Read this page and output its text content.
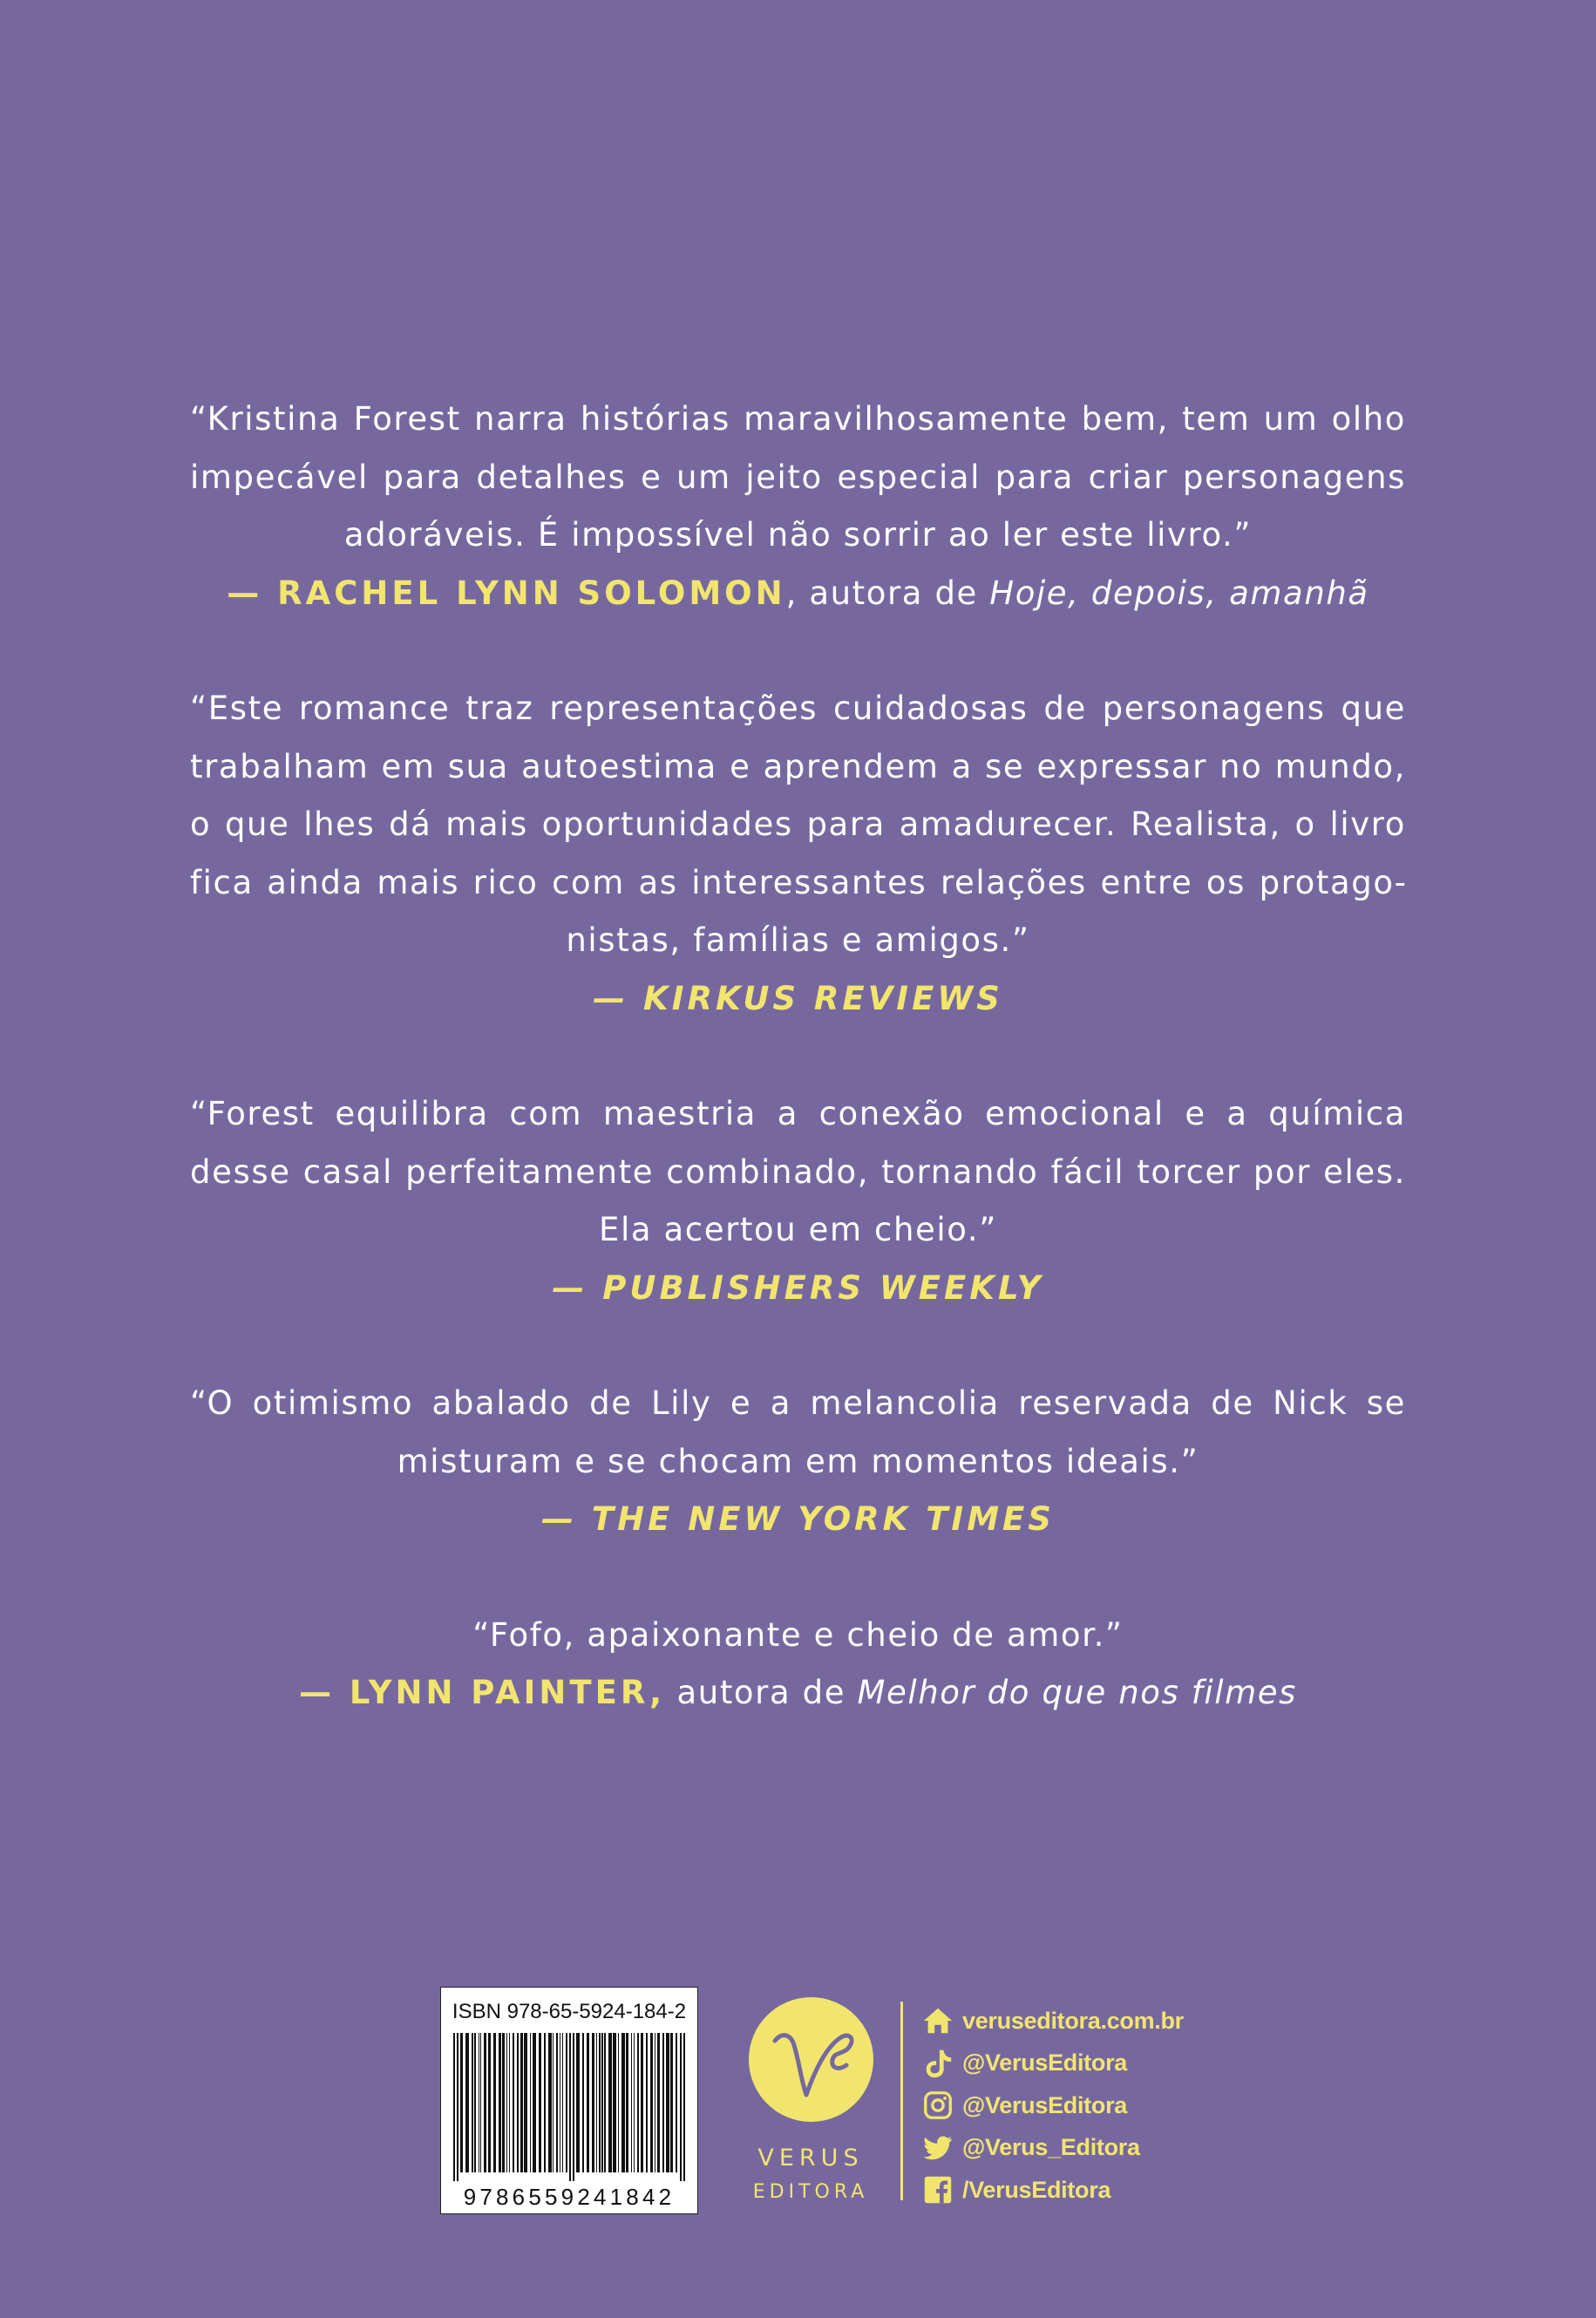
“Kristina Forest narra histórias maravilhosamente bem, tem um olho impecável para detalhes e um jeito especial para criar personagens adoráveis. É impossível não sorrir ao ler este livro.”

— RACHEL LYNN SOLOMON, autora de Hoje, depois, amanhã

“Este romance traz representações cuidadosas de personagens que trabalham em sua autoestima e aprendem a se expressar no mundo, o que lhes dá mais oportunidades para amadurecer. Realista, o livro fica ainda mais rico com as interessantes relações entre os protagonistas, famílias e amigos.”

— KIRKUS REVIEWS

“Forest equilibra com maestria a conexão emocional e a química desse casal perfeitamente combinado, tornando fácil torcer por eles. Ela acertou em cheio.”

— PUBLISHERS WEEKLY

“O otimismo abalado de Lily e a melancolia reservada de Nick se misturam e se chocam em momentos ideais.”

— THE NEW YORK TIMES

“Fofo, apaixonante e cheio de amor.”

— LYNN PAINTER, autora de Melhor do que nos filmes

ISBN 978-65-5924-184-2
9786559241842
VERUS
EDITORA
veruseditora.com.br
@VerusEditora
@VerusEditora
@Verus_Editora
/VerusEditora
